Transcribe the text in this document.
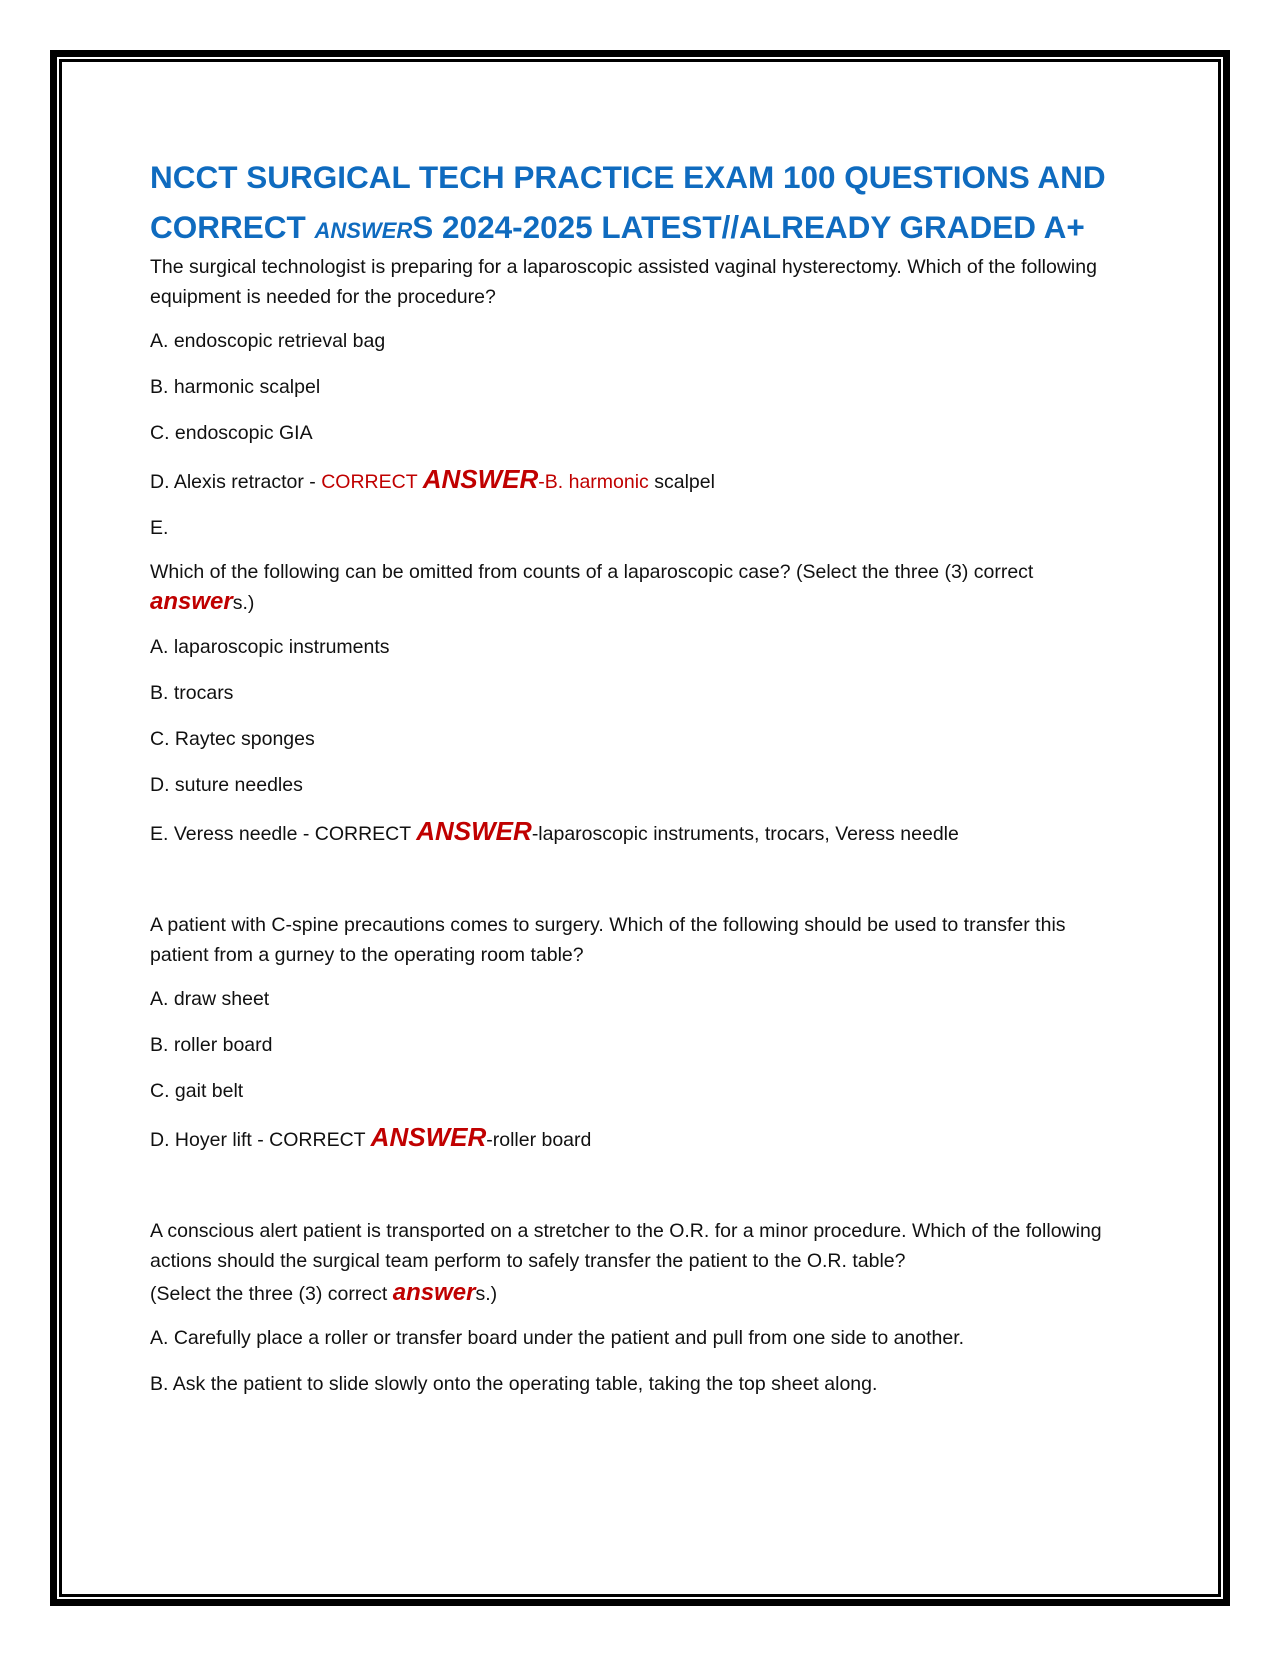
NCCT SURGICAL TECH PRACTICE EXAM 100 QUESTIONS AND
CORRECT ANSWERS 2024-2025 LATEST//ALREADY GRADED A+

The surgical technologist is preparing for a laparoscopic assisted vaginal hysterectomy. Which of the following equipment is needed for the procedure?

A. endoscopic retrieval bag

B. harmonic scalpel

C. endoscopic GIA

D. Alexis retractor - CORRECT ANSWER-B. harmonic scalpel

E.

Which of the following can be omitted from counts of a laparoscopic case? (Select the three (3) correct
answers.)

A. laparoscopic instruments

B. trocars

C. Raytec sponges

D. suture needles

E. Veress needle - CORRECT ANSWER-laparoscopic instruments, trocars, Veress needle

A patient with C-spine precautions comes to surgery. Which of the following should be used to transfer this patient from a gurney to the operating room table?

A. draw sheet

B. roller board

C. gait belt

D. Hoyer lift - CORRECT ANSWER-roller board

A conscious alert patient is transported on a stretcher to the O.R. for a minor procedure. Which of the following actions should the surgical team perform to safely transfer the patient to the O.R. table?

(Select the three (3) correct answers.)

A. Carefully place a roller or transfer board under the patient and pull from one side to another.

B. Ask the patient to slide slowly onto the operating table, taking the top sheet along.
